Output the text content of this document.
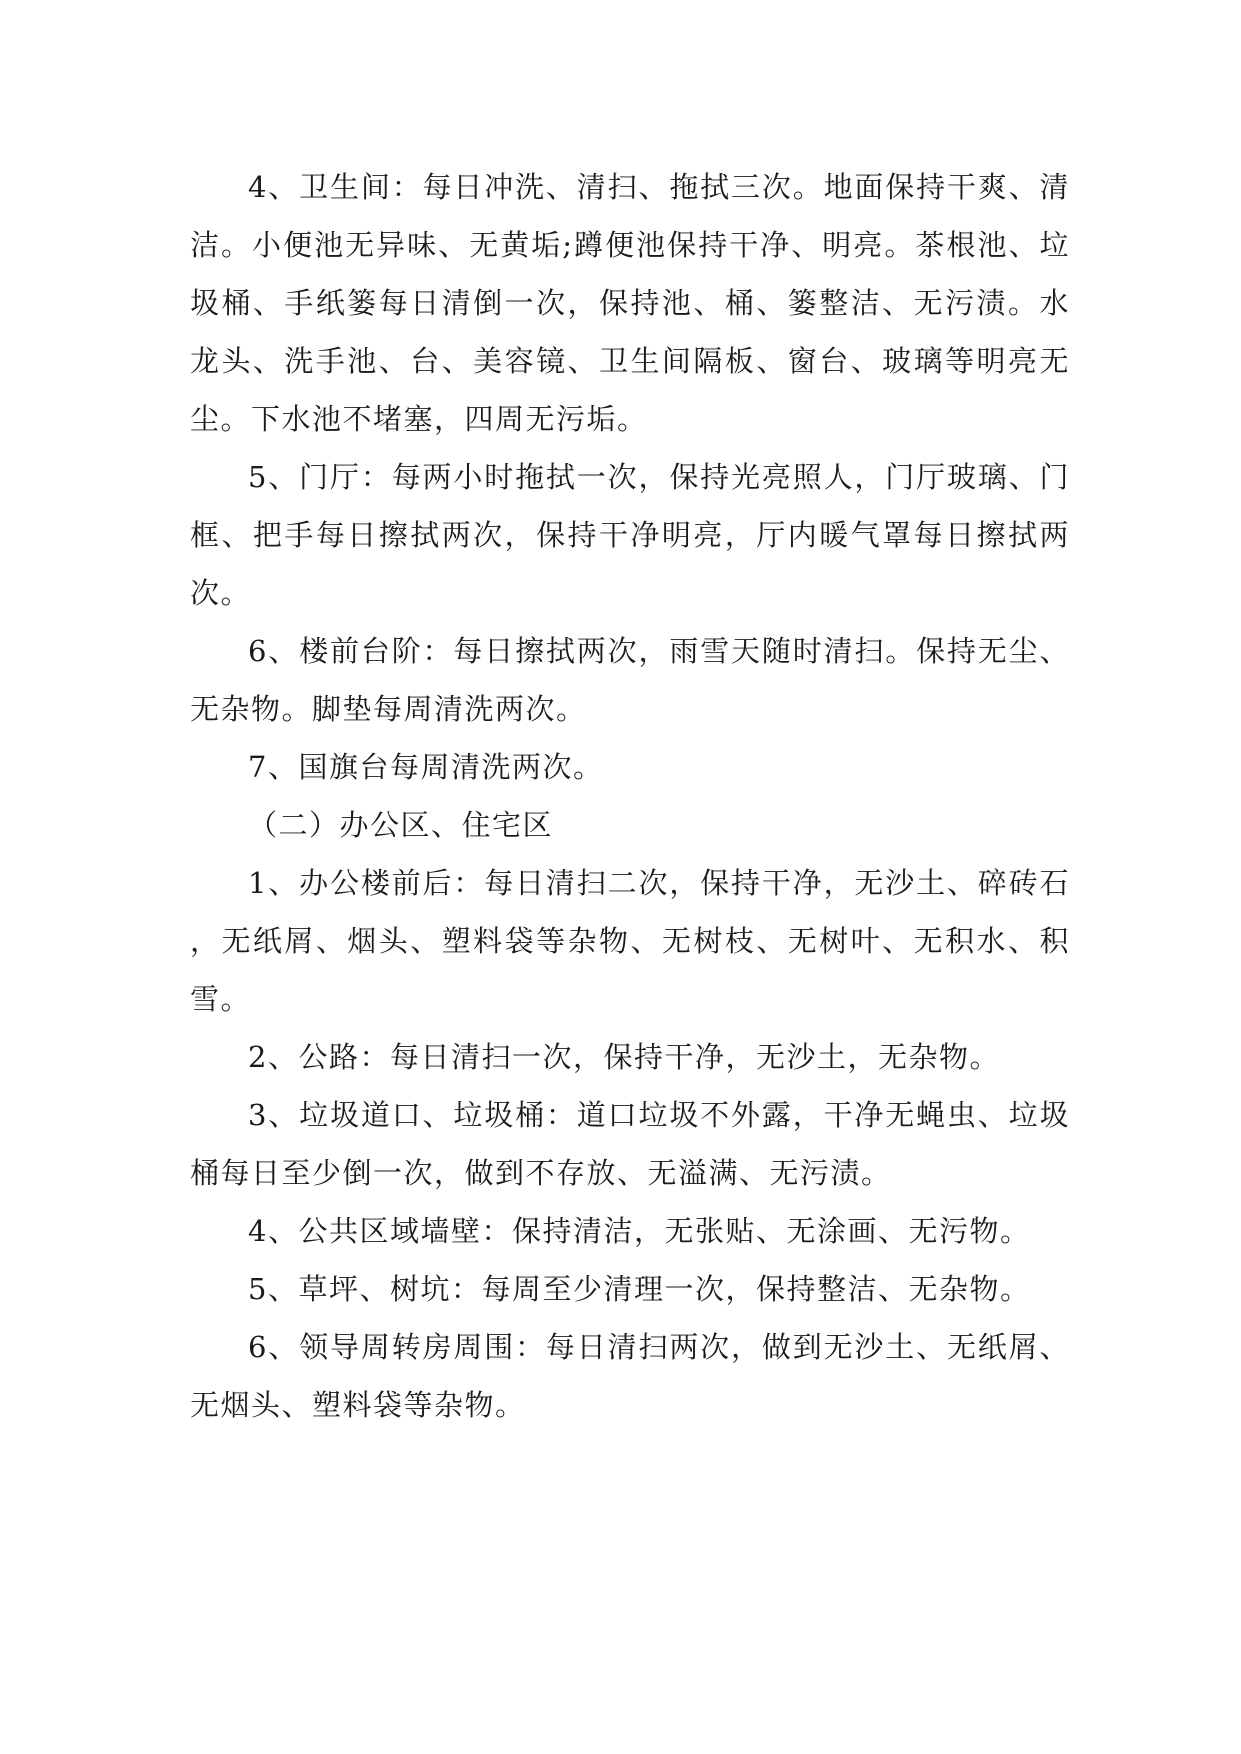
4、卫生间：每日冲洗、清扫、拖拭三次。地面保持干爽、清洁。小便池无异味、无黄垢;蹲便池保持干净、明亮。茶根池、垃圾桶、手纸篓每日清倒一次，保持池、桶、篓整洁、无污渍。水龙头、洗手池、台、美容镜、卫生间隔板、窗台、玻璃等明亮无尘。下水池不堵塞，四周无污垢。

5、门厅：每两小时拖拭一次，保持光亮照人，门厅玻璃、门框、把手每日擦拭两次，保持干净明亮，厅内暖气罩每日擦拭两次。

6、楼前台阶：每日擦拭两次，雨雪天随时清扫。保持无尘、无杂物。脚垫每周清洗两次。

7、国旗台每周清洗两次。

（二）办公区、住宅区

1、办公楼前后：每日清扫二次，保持干净，无沙土、碎砖石，无纸屑、烟头、塑料袋等杂物、无树枝、无树叶、无积水、积雪。

2、公路：每日清扫一次，保持干净，无沙土，无杂物。

3、垃圾道口、垃圾桶：道口垃圾不外露，干净无蝇虫、垃圾桶每日至少倒一次，做到不存放、无溢满、无污渍。

4、公共区域墙壁：保持清洁，无张贴、无涂画、无污物。

5、草坪、树坑：每周至少清理一次，保持整洁、无杂物。

6、领导周转房周围：每日清扫两次，做到无沙土、无纸屑、无烟头、塑料袋等杂物。
